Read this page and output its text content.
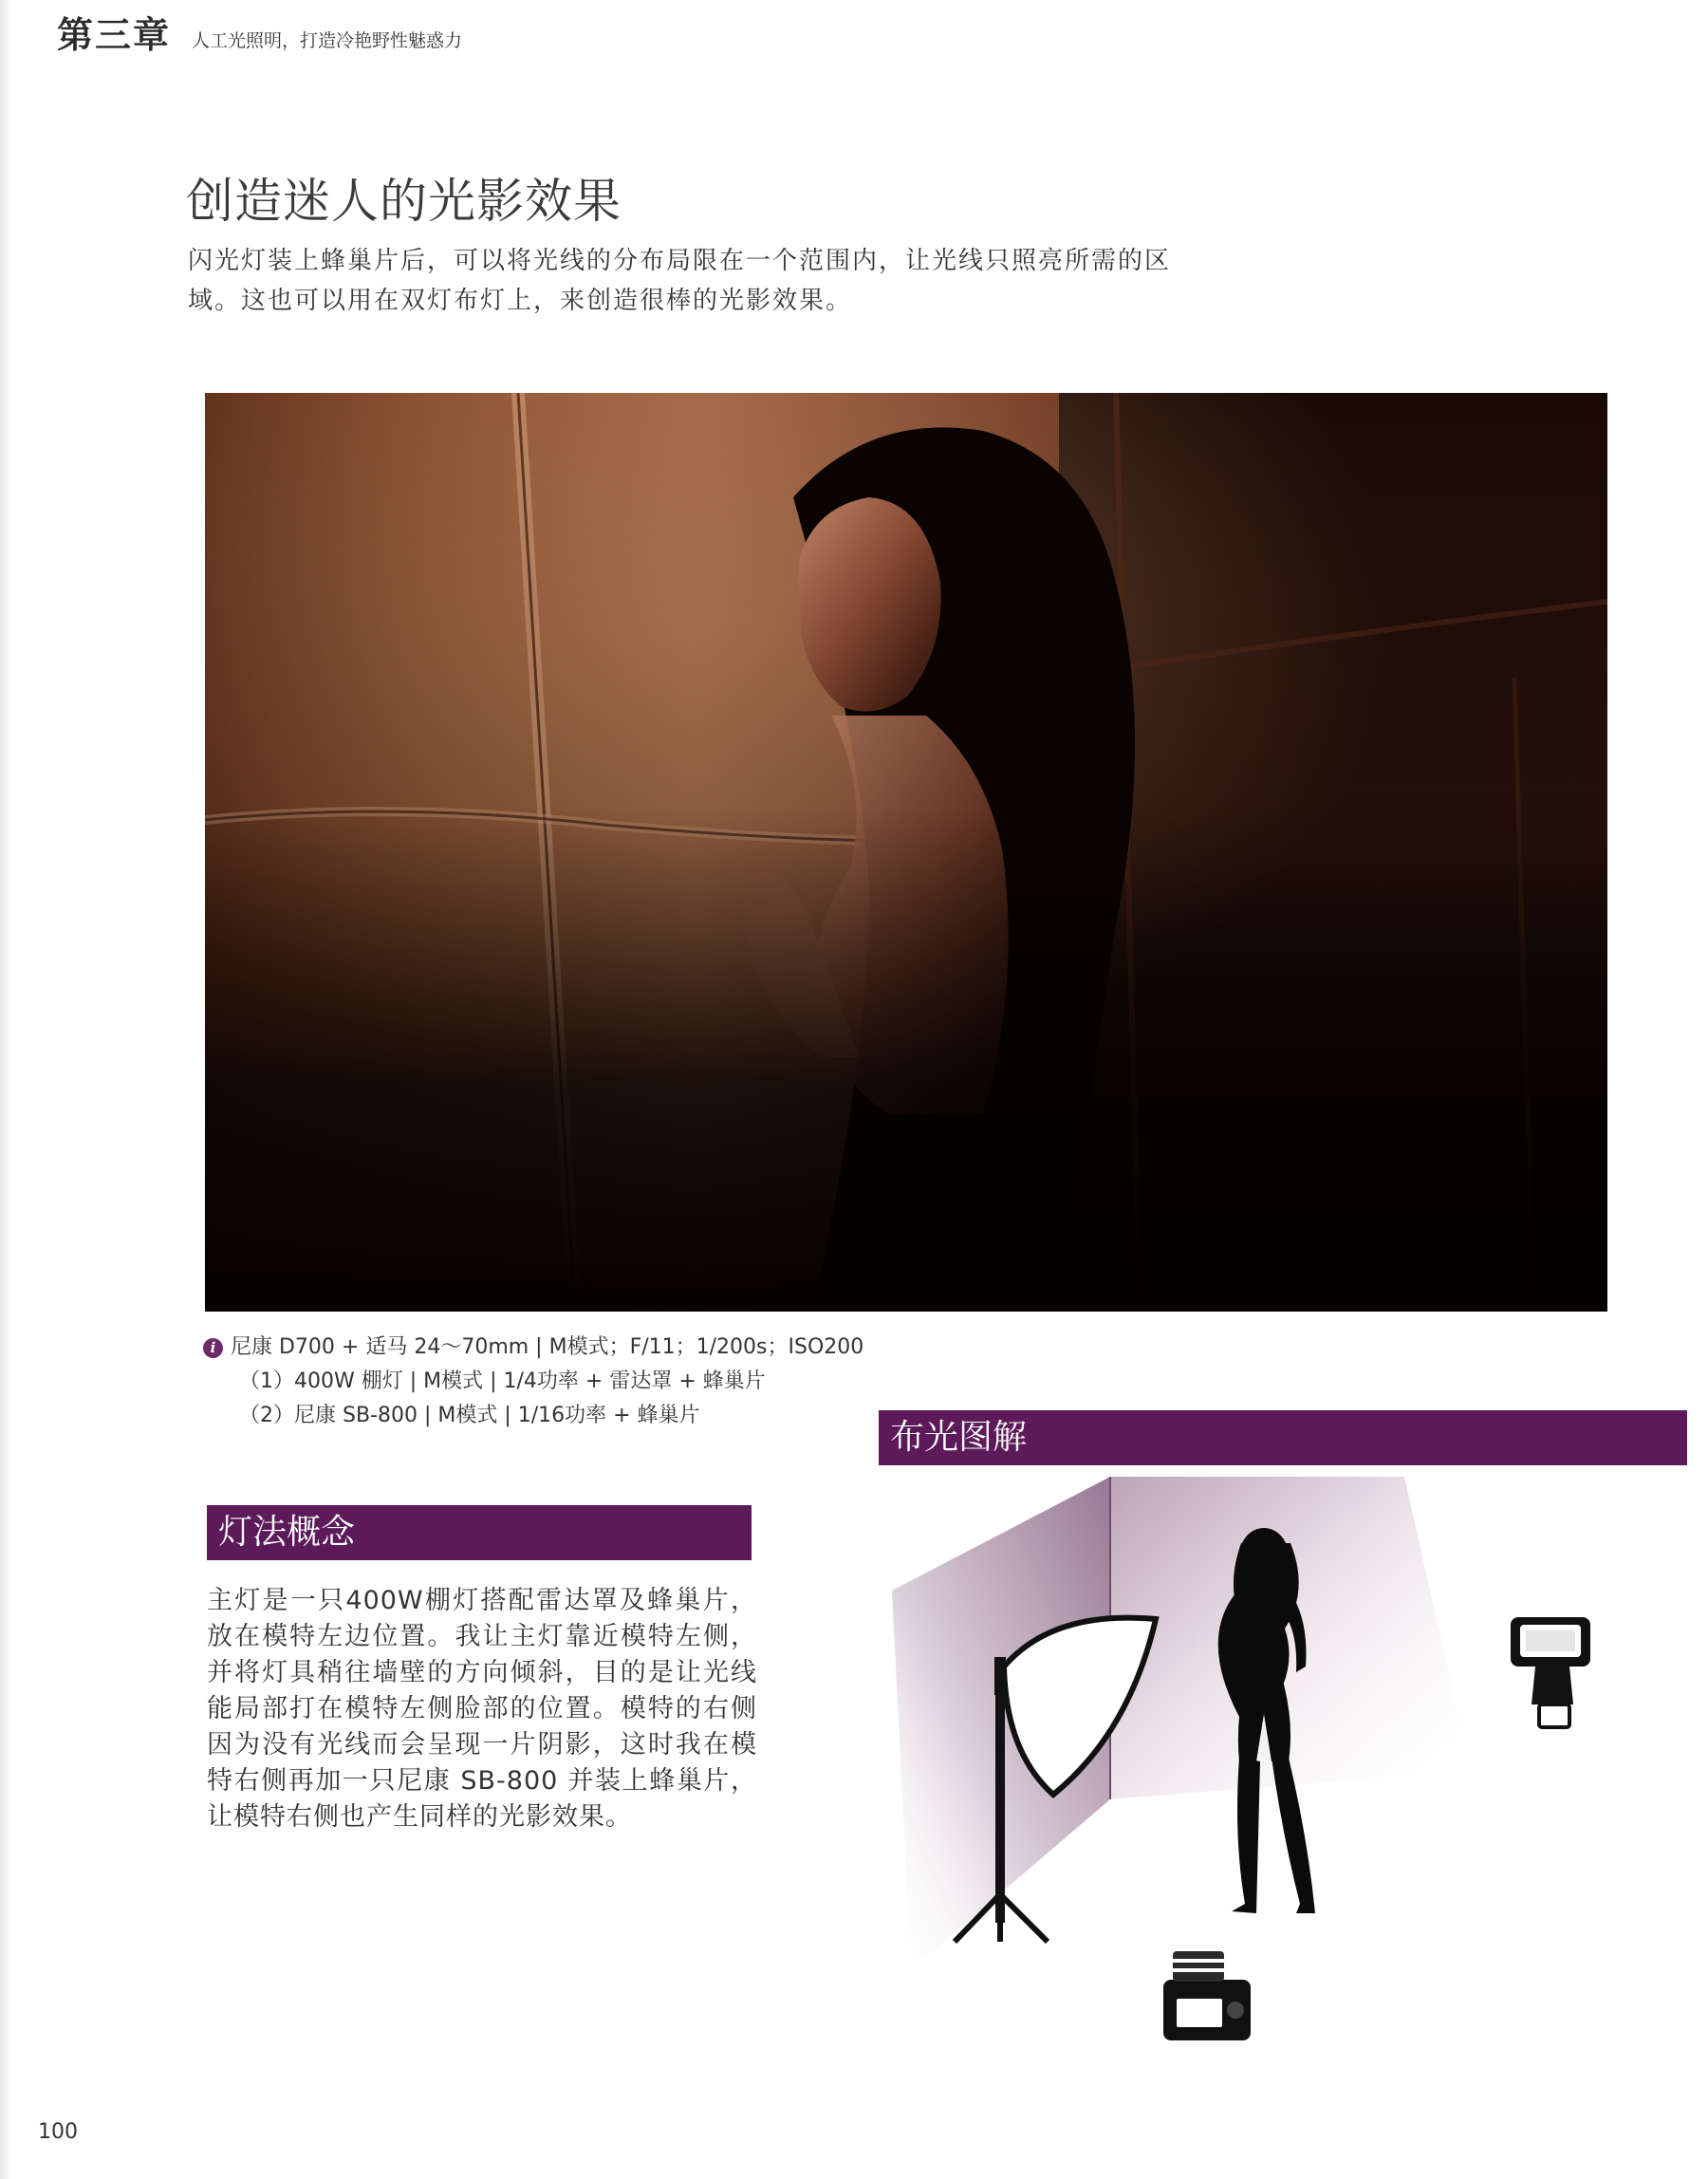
第三章 人工光照明，打造冷艳野性魅惑力
创造迷人的光影效果
闪光灯装上蜂巢片后，可以将光线的分布局限在一个范围内，让光线只照亮所需的区域。这也可以用在双灯布灯上，来创造很棒的光影效果。
i 尼康 D700 + 适马 24～70mm | M模式；F/11；1/200s；ISO200
（1）400W 棚灯 | M模式 | 1/4功率 + 雷达罩 + 蜂巢片
（2）尼康 SB-800 | M模式 | 1/16功率 + 蜂巢片
布光图解
灯法概念
主灯是一只400W棚灯搭配雷达罩及蜂巢片，放在模特左边位置。我让主灯靠近模特左侧，并将灯具稍往墙壁的方向倾斜，目的是让光线能局部打在模特左侧脸部的位置。模特的右侧因为没有光线而会呈现一片阴影，这时我在模特右侧再加一只尼康 SB-800 并装上蜂巢片，让模特右侧也产生同样的光影效果。
100
